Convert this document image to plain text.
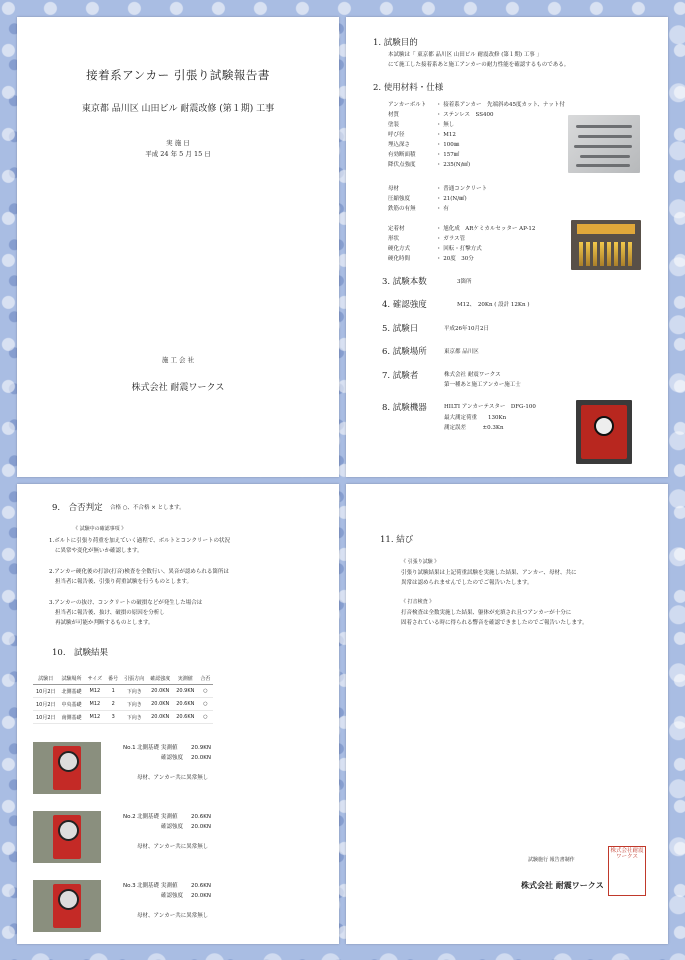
接着系アンカー 引張り試験報告書
東京都 品川区 山田ビル 耐震改修 (第１期) 工事
実 施 日
平成 24 年 5 月 15 日
施 工 会 社
株式会社 耐震ワークス
1. 試験目的
本試験は「 東京都 品川区 山田ビル 耐震改修 (第１期) 工事 」
にて施工した接着系あと施工アンカーの耐力性能を確認するものである。
2. 使用材料・仕様
アンカーボルト ・ 接着系アンカー　先端斜め45度カット、ナット付
材質	・ ステンレス　SS400
塗装	・ 無し
呼び径	・ M12
埋込深さ	・ 100㎜
有効断面積	・ 157㎟
降伏点強度	・ 235(N/㎟)
母材	・ 普通コンクリート
圧縮強度	・ 21(N/㎟)
鉄筋の有無	・ 有
定着材	・ 旭化成　ARケミカルセッター AP-12
形状	・ ガラス管
硬化方式	・ 回転・打撃方式
硬化時間	・ 20度　30分
3. 試験本数	3箇所
4. 確認強度	M12、　20Kn ( 設計 12Kn )
5. 試験日	平成26年10月2日
6. 試験場所	東京都 品川区
7. 試験者	株式会社 耐震ワークス
第一種あと施工アンカー施工士
8. 試験機器	HILTI アンカーテスター　DFG-100
最大測定荷重　　130Kn
測定誤差　　　±0.3Kn
9.　合否判定 合格 ○、不合格 × とします。
《 試験中の確認事項 》
1.ボルトに引張り荷重を加えていく過程で、ボルトとコンクリートの状況
に異常や変化が無いか確認します。
2.アンカー硬化後の打診(打音)検査を全数行い、異音が認められる箇所は
担当者に報告後、引張り荷重試験を行うものとします。
3.アンカーの抜け、コンクリートの破損などが発生した場合は
担当者に報告後、抜け、破損の原因を分析し
再試験が可能か判断するものとします。
10.　試験結果
試験日	試験場所	サイズ	番号	引張方向	確認強度	実測値	合否
10月2日	北側基礎	M12	1	下向き	20.0KN	20.9KN	○
10月2日	中央基礎	M12	2	下向き	20.0KN	20.6KN	○
10月2日	南側基礎	M12	3	下向き	20.0KN	20.6KN	○
No.1北側基礎 実測値 20.9KN
確認強度 20.0KN
母材、アンカー共に異常無し
No.2北側基礎 実測値 20.6KN
確認強度 20.0KN
母材、アンカー共に異常無し
No.3北側基礎 実測値 20.6KN
確認強度 20.0KN
母材、アンカー共に異常無し
11. 結び
《 引張り試験 》
引張り試験結果は上記荷重試験を実施した結果、アンカー、母材、共に
異常は認められませんでしたのでご報告いたします。
《 打音検査 》
打音検査は全数実施した結果、躯体が充填され且つアンカーが十分に
固着されている時に得られる響音を確認できましたのでご報告いたします。
試験施行 報告書制作
株式会社 耐震ワークス
株式会社耐震ワークス
